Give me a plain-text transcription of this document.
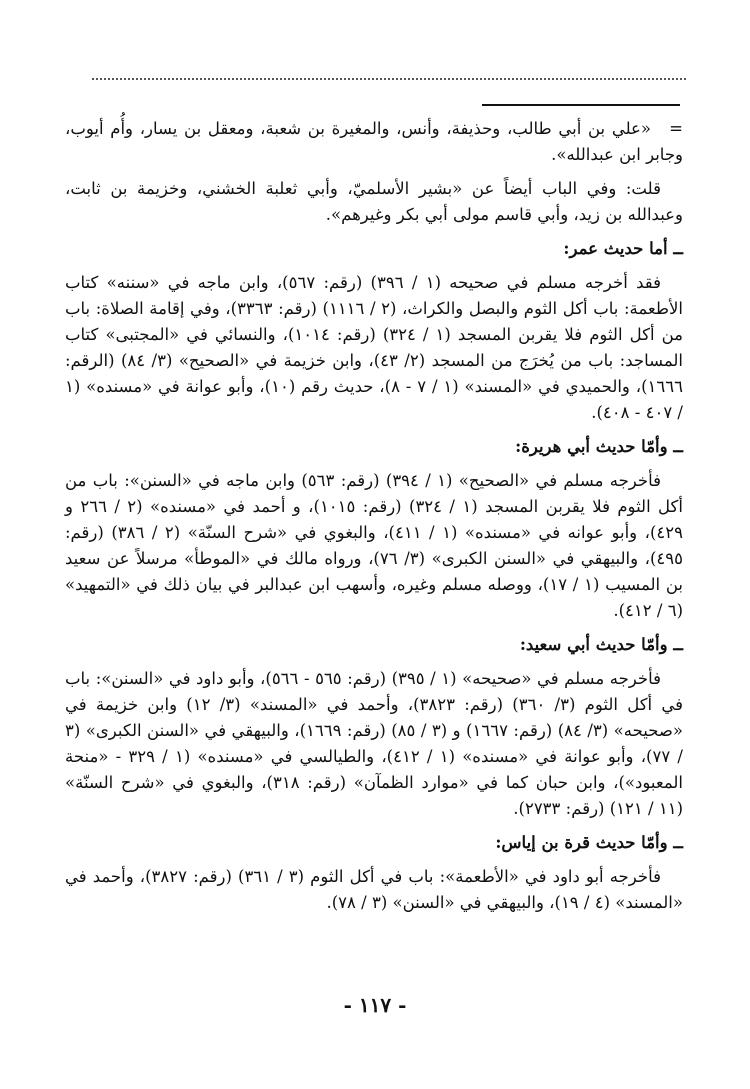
=«علي بن أبي طالب، وحذيفة، وأنس، والمغيرة بن شعبة، ومعقل بن يسار، وأُم أيوب، وجابر ابن عبدالله».

قلت: وفي الباب أيضاً عن «بشير الأسلميّ، وأبي ثعلبة الخشني، وخزيمة بن ثابت، وعبدالله بن زيد، وأبي قاسم مولى أبي بكر وغيرهم».

ــ أما حديث عمر:

فقد أخرجه مسلم في صحيحه (١ / ٣٩٦) (رقم: ٥٦٧)، وابن ماجه في «سننه» كتاب الأطعمة: باب أكل الثوم والبصل والكراث، (٢ / ١١١٦) (رقم: ٣٣٦٣)، وفي إقامة الصلاة: باب من أكل الثوم فلا يقربن المسجد (١ / ٣٢٤) (رقم: ١٠١٤)، والنسائي في «المجتبى» كتاب المساجد: باب من يُخرَج من المسجد (٢/ ٤٣)، وابن خزيمة في «الصحيح» (٣/ ٨٤) (الرقم: ١٦٦٦)، والحميدي في «المسند» (١ / ٧ - ٨)، حديث رقم (١٠)، وأبو عوانة في «مسنده» (١ / ٤٠٧ - ٤٠٨).

ــ وأمّا حديث أبي هريرة:

فأخرجه مسلم في «الصحيح» (١ / ٣٩٤) (رقم: ٥٦٣) وابن ماجه في «السنن»: باب من أكل الثوم فلا يقربن المسجد (١ / ٣٢٤) (رقم: ١٠١٥)، و أحمد في «مسنده» (٢ / ٢٦٦ و ٤٢٩)، وأبو عوانه في «مسنده» (١ / ٤١١)، والبغوي في «شرح السنّة» (٢ / ٣٨٦) (رقم: ٤٩٥)، والبيهقي في «السنن الكبرى» (٣/ ٧٦)، ورواه مالك في «الموطأ» مرسلاً عن سعيد بن المسيب (١ / ١٧)، ووصله مسلم وغيره، وأسهب ابن عبدالبر في بيان ذلك في «التمهيد» (٦ / ٤١٢).

ــ وأمّا حديث أبي سعيد:

فأخرجه مسلم في «صحيحه» (١ / ٣٩٥) (رقم: ٥٦٥ - ٥٦٦)، وأبو داود في «السنن»: باب في أكل الثوم (٣/ ٣٦٠) (رقم: ٣٨٢٣)، وأحمد في «المسند» (٣/ ١٢) وابن خزيمة في «صحيحه» (٣/ ٨٤) (رقم: ١٦٦٧) و (٣ / ٨٥) (رقم: ١٦٦٩)، والبيهقي في «السنن الكبرى» (٣ / ٧٧)، وأبو عوانة في «مسنده» (١ / ٤١٢)، والطيالسي في «مسنده» (١ / ٣٢٩ - «منحة المعبود»)، وابن حبان كما في «موارد الظمآن» (رقم: ٣١٨)، والبغوي في «شرح السنّة» (١١ / ١٢١) (رقم: ٢٧٣٣).

ــ وأمّا حديث قرة بن إياس:

فأخرجه أبو داود في «الأطعمة»: باب في أكل الثوم (٣ / ٣٦١) (رقم: ٣٨٢٧)، وأحمد في «المسند» (٤ / ١٩)، والبيهقي في «السنن» (٣ / ٧٨).

- ١١٧ -
